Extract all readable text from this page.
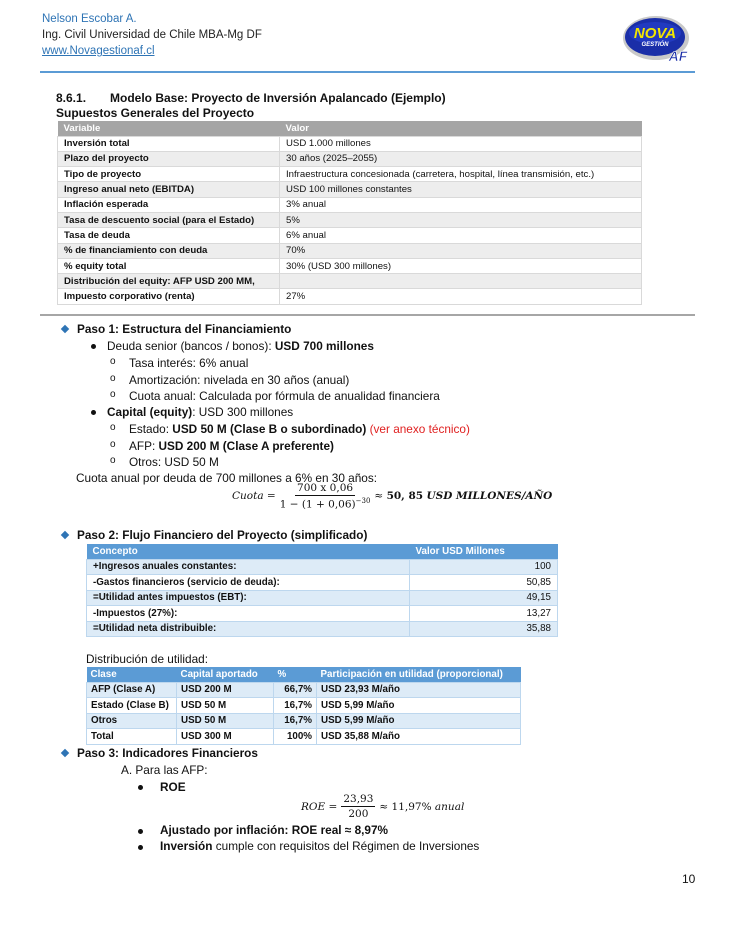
Nelson Escobar A.
Ing. Civil Universidad de Chile MBA-Mg DF
www.Novagestionaf.cl
NOVA
GESTIÓN
AF
8.6.1. Modelo Base: Proyecto de Inversión Apalancado (Ejemplo)
Supuestos Generales del Proyecto
Variable	Valor
Inversión total	USD 1.000 millones
Plazo del proyecto	30 años (2025–2055)
Tipo de proyecto	Infraestructura concesionada (carretera, hospital, línea transmisión, etc.)
Ingreso anual neto (EBITDA)	USD 100 millones constantes
Inflación esperada	3% anual
Tasa de descuento social (para el Estado)	5%
Tasa de deuda	6% anual
% de financiamiento con deuda	70%
% equity total	30% (USD 300 millones)
Distribución del equity: AFP USD 200 MM,	
Impuesto corporativo (renta)	27%
Paso 1: Estructura del Financiamiento
Deuda senior (bancos / bonos): USD 700 millones
o Tasa interés: 6% anual
o Amortización: nivelada en 30 años (anual)
o Cuota anual: Calculada por fórmula de anualidad financiera
Capital (equity): USD 300 millones
o Estado: USD 50 M (Clase B o subordinado) (ver anexo técnico)
o AFP: USD 200 M (Clase A preferente)
o Otros: USD 50 M
Cuota anual por deuda de 700 millones a 6% en 30 años:
Cuota = $\frac{700 x 0,06}{1 - (1 + 0,06)^{-30}}$ ≈
50, 85
USD MILLONES/AÑO
Paso 2: Flujo Financiero del Proyecto (simplificado)
Concepto	Valor USD Millones
+Ingresos anuales constantes:	100
-Gastos financieros (servicio de deuda):	50,85
=Utilidad antes impuestos (EBT):	49,15
-Impuestos (27%):	13,27
=Utilidad neta distribuible:	35,88
Distribución de utilidad:
Clase	Capital aportado	%	Participación en utilidad (proporcional)
AFP (Clase A)	USD 200 M	66,7%	USD 23,93 M/año
Estado (Clase B)	USD 50 M	16,7%	USD 5,99 M/año
Otros	USD 50 M	16,7%	USD 5,99 M/año
Total	USD 300 M	100%	USD 35,88 M/año
Paso 3: Indicadores Financieros
A. Para las AFP:
ROE
ROE = $\frac{23,93}{200} \approx 11,97\%$
anual
Ajustado por inflación: ROE real ≈ 8,97%
Inversión cumple con requisitos del Régimen de Inversiones
10
